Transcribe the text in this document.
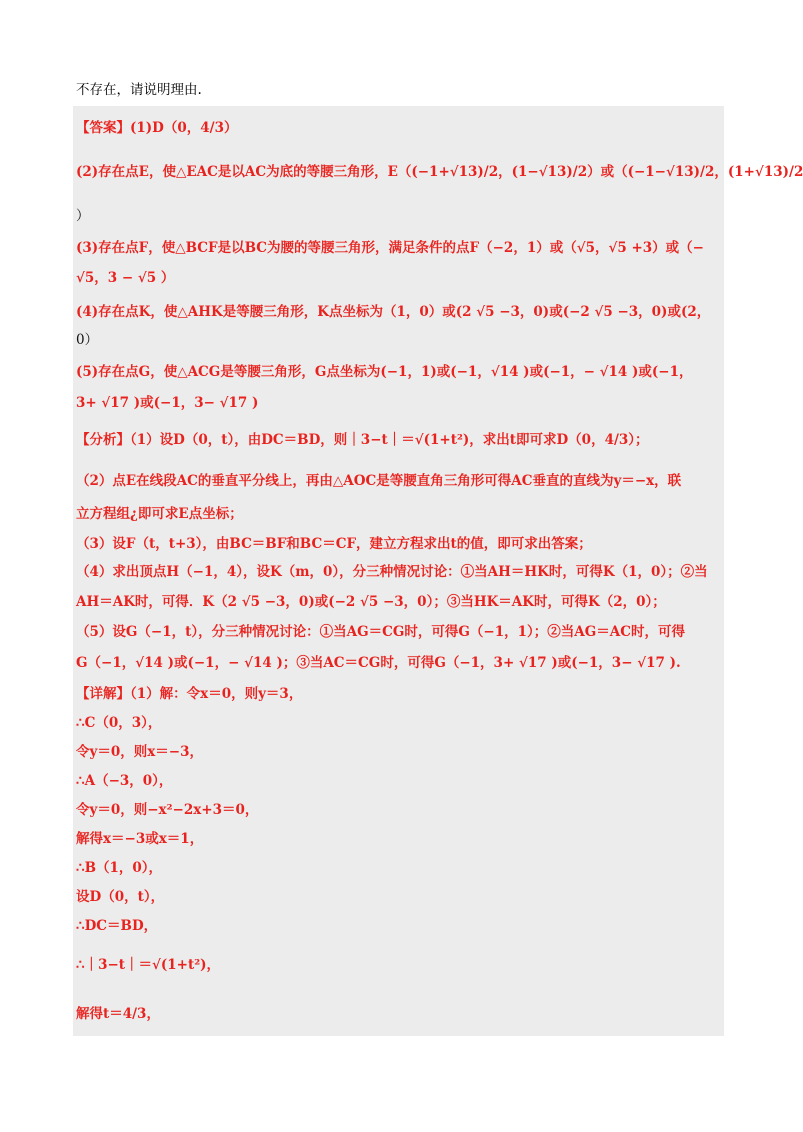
不存在，请说明理由.
【答案】(1)D（0，4/3）
(2)存在点E，使△EAC是以AC为底的等腰三角形，E（(−1+√13)/2，(1−√13)/2）或（(−1−√13)/2，(1+√13)/2
）
(3)存在点F，使△BCF是以BC为腰的等腰三角形，满足条件的点F（−2，1）或（√5，√5 +3）或（−
√5，3 − √5 ）
(4)存在点K，使△AHK是等腰三角形，K点坐标为（1，0）或(2 √5 −3，0)或(−2 √5 −3，0)或(2，
0）
(5)存在点G，使△ACG是等腰三角形，G点坐标为(−1，1)或(−1，√14 )或(−1，− √14 )或(−1，
3+ √17 )或(−1，3− √17 )
【分析】（1）设D（0，t），由DC＝BD，则｜3−t｜＝√(1+t²)，求出t即可求D（0，4/3）；
（2）点E在线段AC的垂直平分线上，再由△AOC是等腰直角三角形可得AC垂直的直线为y＝−x，联
立方程组¿即可求E点坐标；
（3）设F（t，t+3），由BC＝BF和BC＝CF，建立方程求出t的值，即可求出答案；
（4）求出顶点H（−1，4），设K（m，0），分三种情况讨论：①当AH＝HK时，可得K（1，0）；②当
AH＝AK时，可得．K（2 √5 −3，0)或(−2 √5 −3，0）；③当HK＝AK时，可得K（2，0）；
（5）设G（−1，t），分三种情况讨论：①当AG＝CG时，可得G（−1，1）；②当AG＝AC时，可得
G（−1，√14 )或(−1，− √14 )；③当AC＝CG时，可得G（−1，3+ √17 )或(−1，3− √17 ).
【详解】（1）解：令x＝0，则y＝3，
∴C（0，3），
令y＝0，则x＝−3，
∴A（−3，0），
令y＝0，则−x²−2x+3＝0，
解得x＝−3或x＝1，
∴B（1，0），
设D（0，t），
∴DC＝BD，
∴｜3−t｜＝√(1+t²)，
解得t＝4/3，
